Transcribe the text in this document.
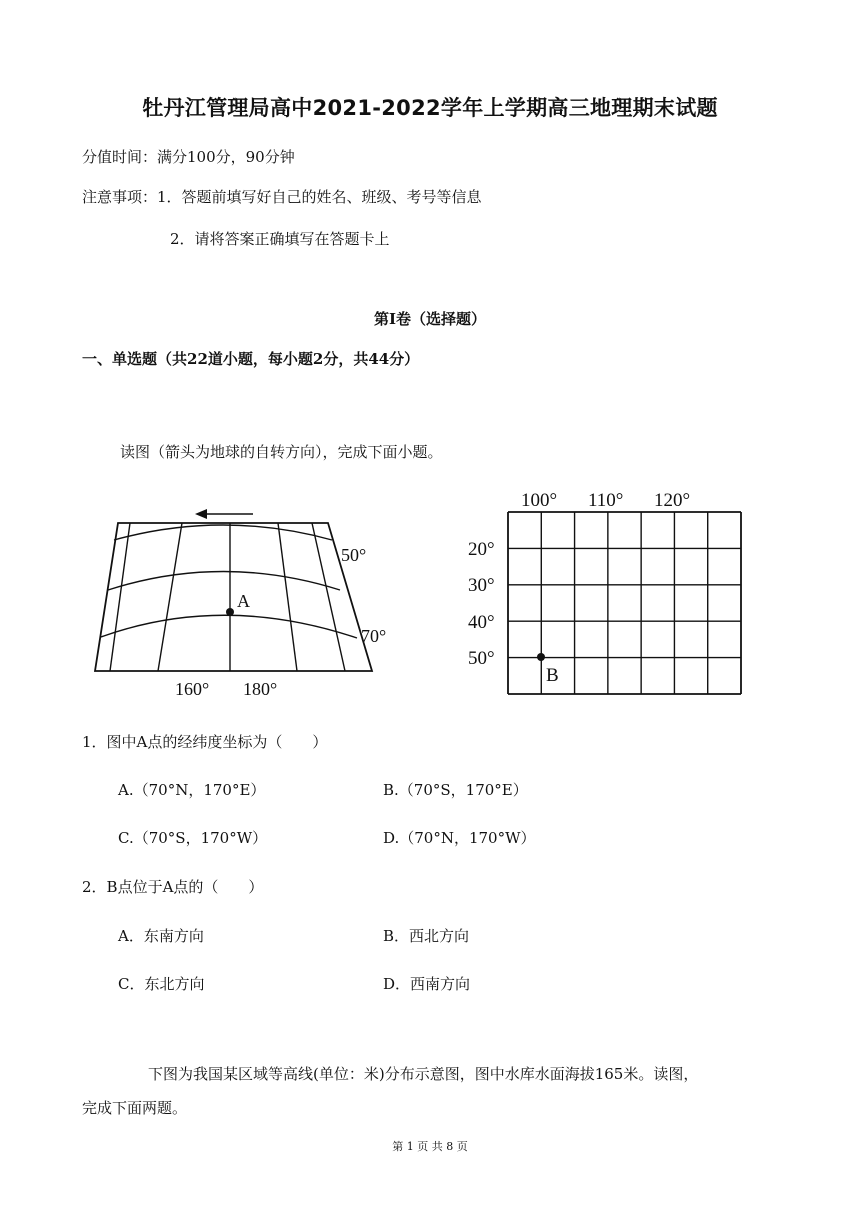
牡丹江管理局高中2021-2022学年上学期高三地理期末试题
分值时间：满分100分，90分钟
注意事项：1．答题前填写好自己的姓名、班级、考号等信息
2．请将答案正确填写在答题卡上
第Ⅰ卷（选择题）
一、单选题（共22道小题，每小题2分，共44分）
读图（箭头为地球的自转方向），完成下面小题。
A
50°
70°
160° 180°
100° 110° 120°
20°
30°
40°
50°
B
1．图中A点的经纬度坐标为（　　）
A.（70°N，170°E）	B.（70°S，170°E）
C.（70°S，170°W）	D.（70°N，170°W）
2．B点位于A点的（　　）
A．东南方向	B．西北方向
C．东北方向	D．西南方向
下图为我国某区域等高线(单位：米)分布示意图，图中水库水面海拔165米。读图，
完成下面两题。
第 1 页 共 8 页
